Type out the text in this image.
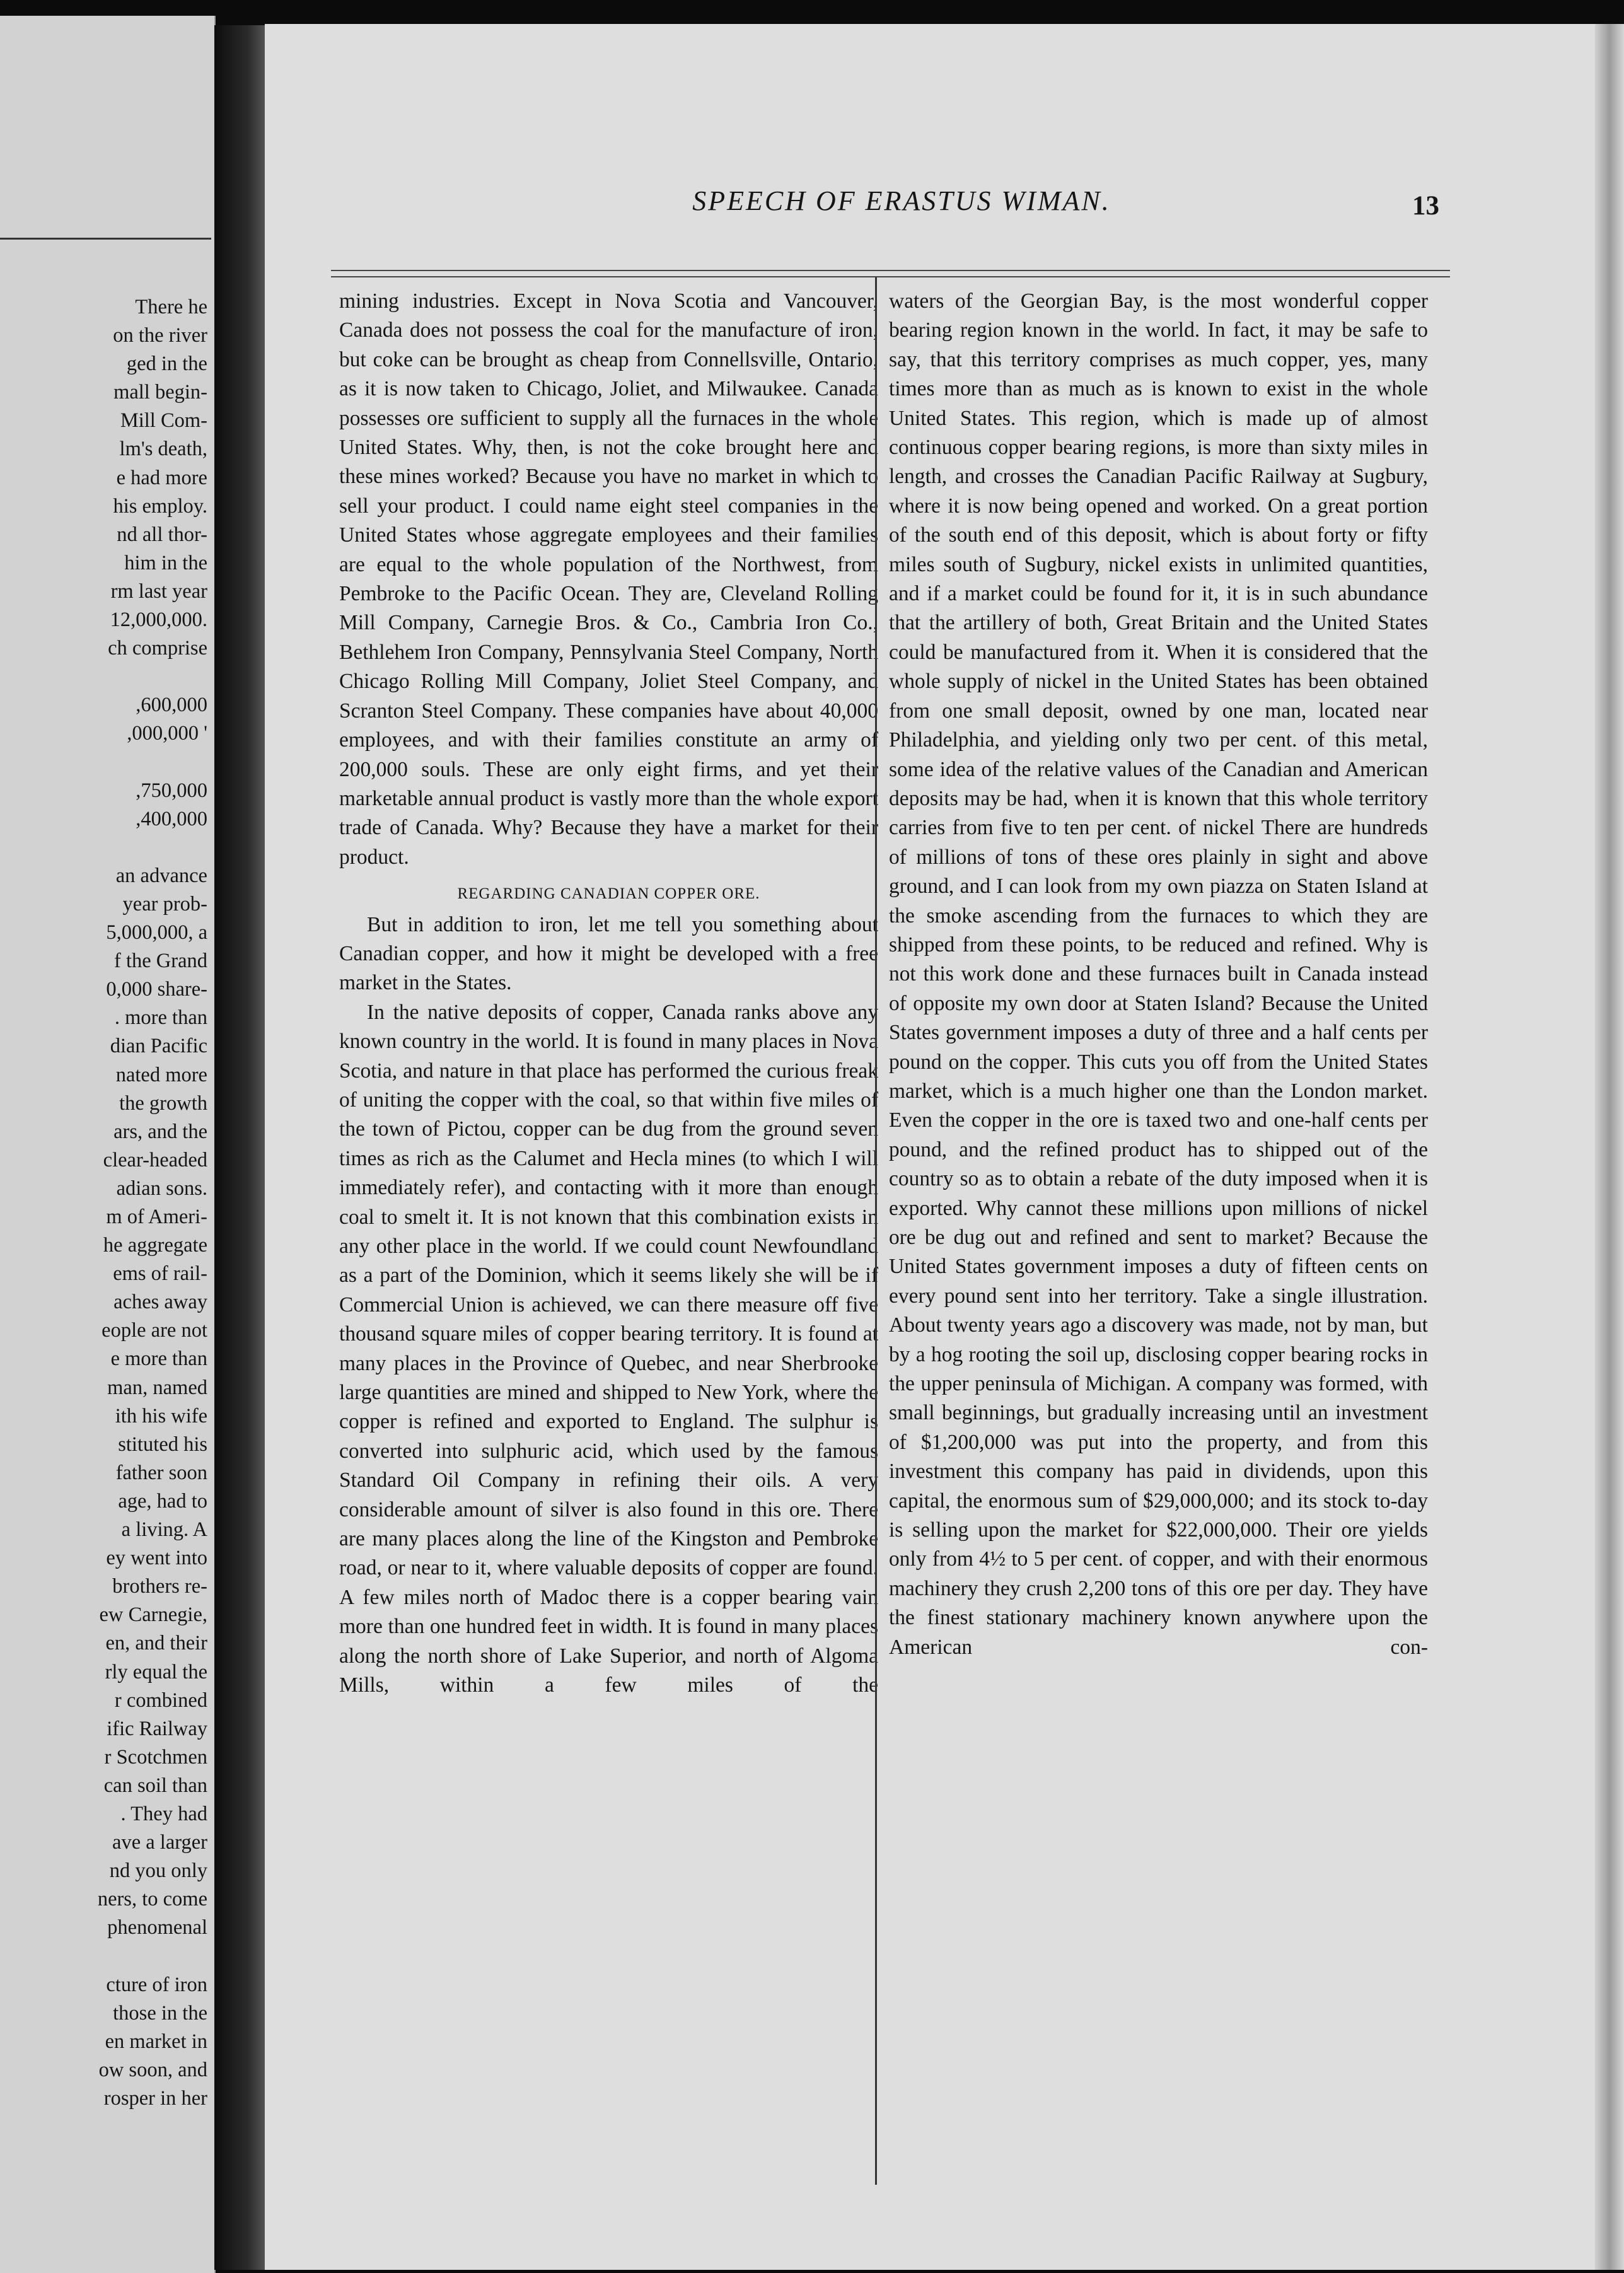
There he
on the river
ged in the
mall begin-
Mill Com-
lm's death,
e had more
his employ.
nd all thor-
him in the
rm last year
12,000,000.
ch comprise

,600,000
,000,000 '

,750,000
,400,000

an advance
year prob-
5,000,000, a
f the Grand
0,000 share-
. more than
dian Pacific
nated more
the growth
ars, and the
clear-headed
adian sons.
m of Ameri-
he aggregate
ems of rail-
aches away
eople are not
e more than
man, named
ith his wife
stituted his
father soon
age, had to
a living. A
ey went into
brothers re-
ew Carnegie,
en, and their
rly equal the
r combined
ific Railway
r Scotchmen
can soil than
. They had
ave a larger
nd you only
ners, to come
phenomenal

cture of iron
those in the
en market in
ow soon, and
rosper in her
SPEECH OF ERASTUS WIMAN.	13

mining industries. Except in Nova Scotia and Vancouver, Canada does not possess the coal for the manufacture of iron, but coke can be brought as cheap from Connellsville, Ontario, as it is now taken to Chicago, Joliet, and Milwaukee. Canada possesses ore sufficient to supply all the furnaces in the whole United States. Why, then, is not the coke brought here and these mines worked? Because you have no market in which to sell your product. I could name eight steel companies in the United States whose aggregate employees and their families are equal to the whole population of the Northwest, from Pembroke to the Pacific Ocean. They are, Cleveland Rolling Mill Company, Carnegie Bros. & Co., Cambria Iron Co., Bethlehem Iron Company, Pennsylvania Steel Company, North Chicago Rolling Mill Company, Joliet Steel Company, and Scranton Steel Company. These companies have about 40,000 employees, and with their families constitute an army of 200,000 souls. These are only eight firms, and yet their marketable annual product is vastly more than the whole export trade of Canada. Why? Because they have a market for their product.

REGARDING CANADIAN COPPER ORE.

But in addition to iron, let me tell you something about Canadian copper, and how it might be developed with a free market in the States.

In the native deposits of copper, Canada ranks above any known country in the world. It is found in many places in Nova Scotia, and nature in that place has performed the curious freak of uniting the copper with the coal, so that within five miles of the town of Pictou, copper can be dug from the ground seven times as rich as the Calumet and Hecla mines (to which I will immediately refer), and contacting with it more than enough coal to smelt it. It is not known that this combination exists in any other place in the world. If we could count Newfoundland as a part of the Dominion, which it seems likely she will be if Commercial Union is achieved, we can there measure off five thousand square miles of copper bearing territory. It is found at many places in the Province of Quebec, and near Sherbrooke large quantities are mined and shipped to New York, where the copper is refined and exported to England. The sulphur is converted into sulphuric acid, which used by the famous Standard Oil Company in refining their oils. A very considerable amount of silver is also found in this ore. There are many places along the line of the Kingston and Pembroke road, or near to it, where valuable deposits of copper are found. A few miles north of Madoc there is a copper bearing vain more than one hundred feet in width. It is found in many places along the north shore of Lake Superior, and north of Algoma Mills, within a few miles of the

waters of the Georgian Bay, is the most wonderful copper bearing region known in the world. In fact, it may be safe to say, that this territory comprises as much copper, yes, many times more than as much as is known to exist in the whole United States. This region, which is made up of almost continuous copper bearing regions, is more than sixty miles in length, and crosses the Canadian Pacific Railway at Sugbury, where it is now being opened and worked. On a great portion of the south end of this deposit, which is about forty or fifty miles south of Sugbury, nickel exists in unlimited quantities, and if a market could be found for it, it is in such abundance that the artillery of both, Great Britain and the United States could be manufactured from it. When it is considered that the whole supply of nickel in the United States has been obtained from one small deposit, owned by one man, located near Philadelphia, and yielding only two per cent. of this metal, some idea of the relative values of the Canadian and American deposits may be had, when it is known that this whole territory carries from five to ten per cent. of nickel There are hundreds of millions of tons of these ores plainly in sight and above ground, and I can look from my own piazza on Staten Island at the smoke ascending from the furnaces to which they are shipped from these points, to be reduced and refined. Why is not this work done and these furnaces built in Canada instead of opposite my own door at Staten Island? Because the United States government imposes a duty of three and a half cents per pound on the copper. This cuts you off from the United States market, which is a much higher one than the London market. Even the copper in the ore is taxed two and one-half cents per pound, and the refined product has to shipped out of the country so as to obtain a rebate of the duty imposed when it is exported. Why cannot these millions upon millions of nickel ore be dug out and refined and sent to market? Because the United States government imposes a duty of fifteen cents on every pound sent into her territory. Take a single illustration. About twenty years ago a discovery was made, not by man, but by a hog rooting the soil up, disclosing copper bearing rocks in the upper peninsula of Michigan. A company was formed, with small beginnings, but gradually increasing until an investment of $1,200,000 was put into the property, and from this investment this company has paid in dividends, upon this capital, the enormous sum of $29,000,000; and its stock to-day is selling upon the market for $22,000,000. Their ore yields only from 4½ to 5 per cent. of copper, and with their enormous machinery they crush 2,200 tons of this ore per day. They have the finest stationary machinery known anywhere upon the American con-
